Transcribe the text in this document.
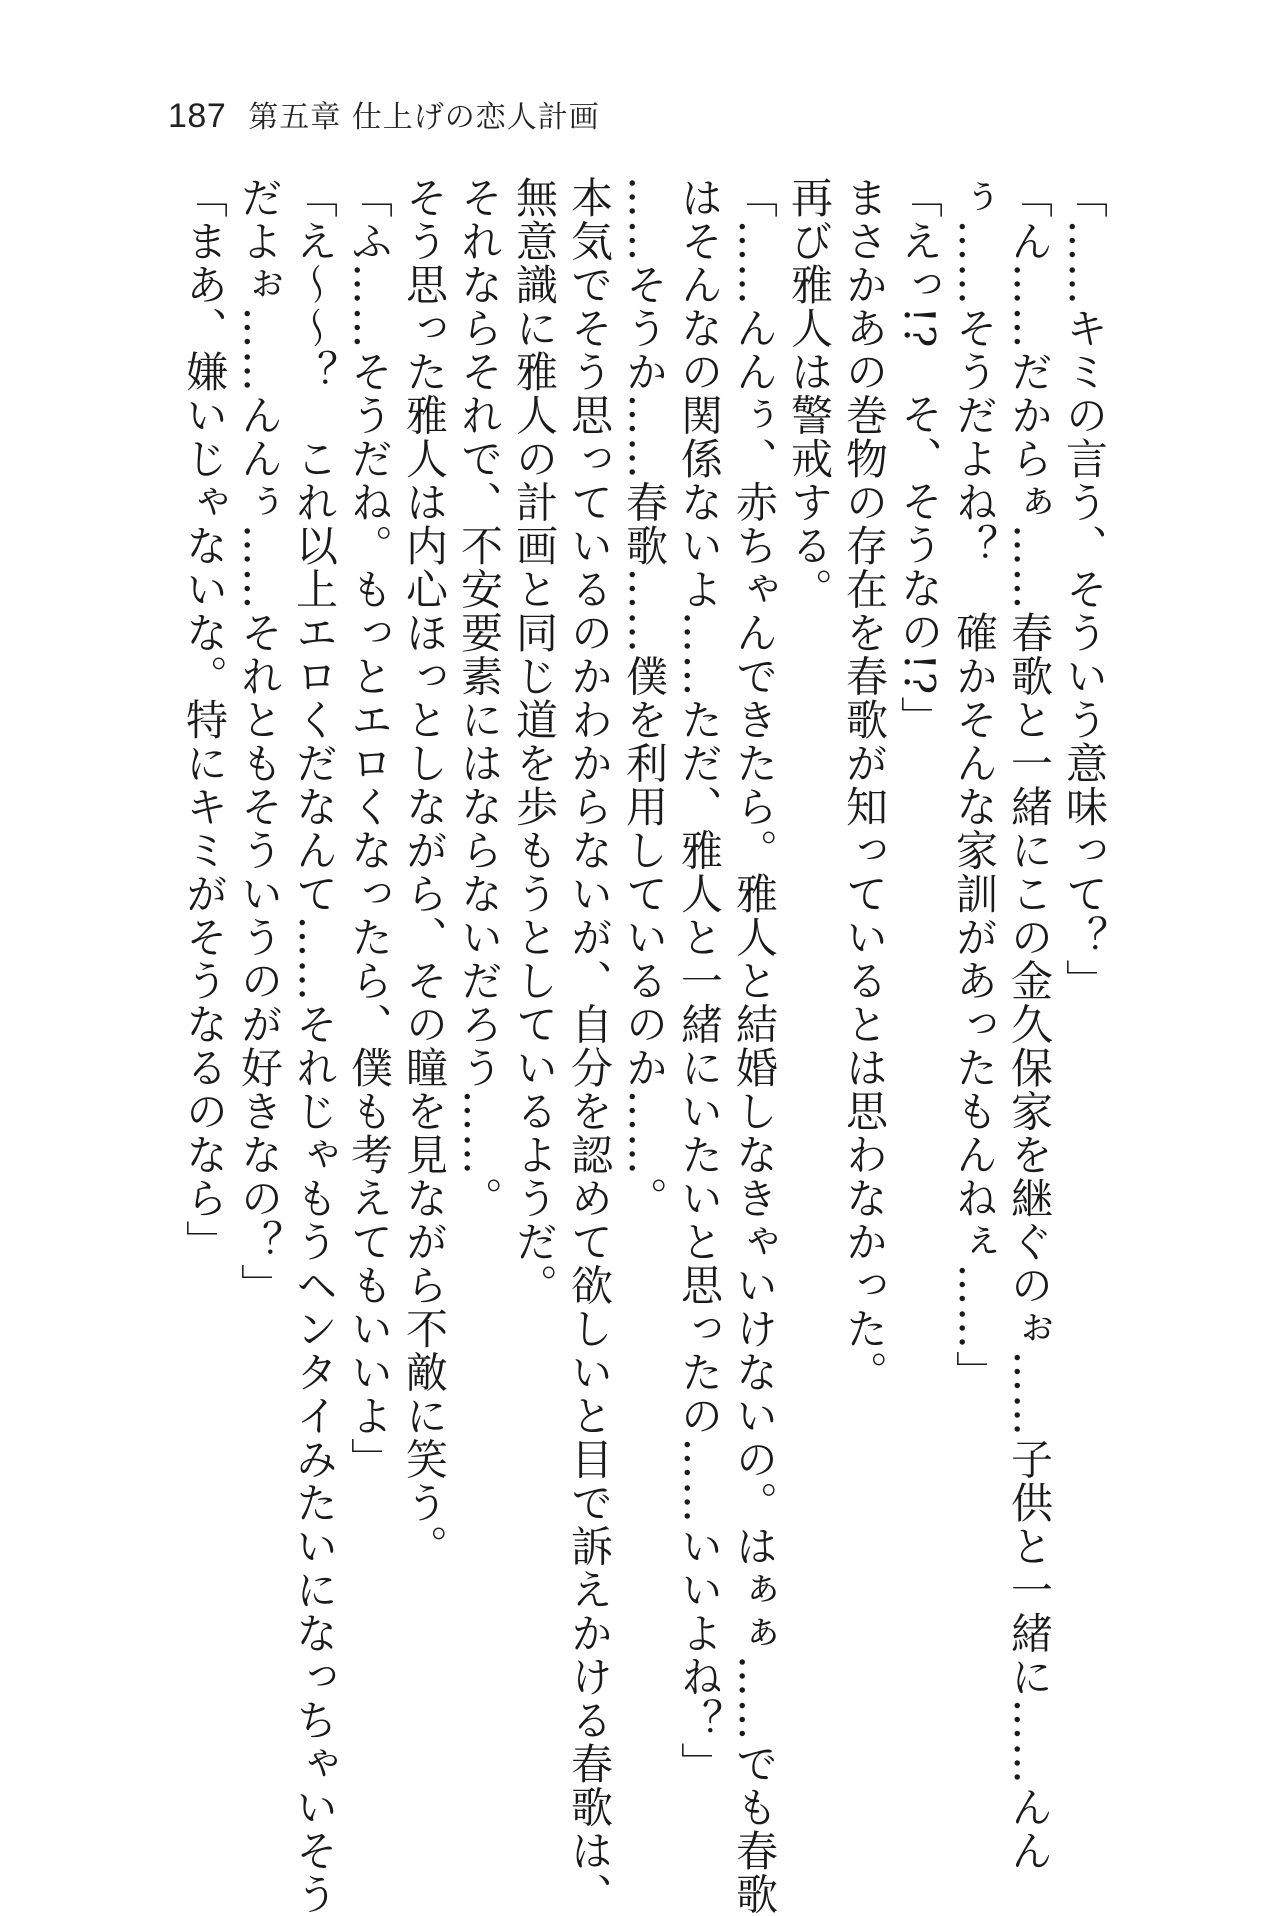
187 第五章 仕上げの恋人計画
「……キミの言う、そういう意味って？」
「ん……だからぁ……春歌と一緒にこの金久保家を継ぐのぉ……子供と一緒に……んん
ぅ……そうだよね？　確かそんな家訓があったもんねぇ……」
「えっ!?　そ、そうなの!?」
まさかあの巻物の存在を春歌が知っているとは思わなかった。
再び雅人は警戒する。
「……んんぅ、赤ちゃんできたら。雅人と結婚しなきゃいけないの。はぁぁ……でも春歌
はそんなの関係ないよ……ただ、雅人と一緒にいたいと思ったの……いいよね？」
……そうか……春歌……僕を利用しているのか……。
本気でそう思っているのかわからないが、自分を認めて欲しいと目で訴えかける春歌は、
無意識に雅人の計画と同じ道を歩もうとしているようだ。
それならそれで、不安要素にはならないだろう……。
そう思った雅人は内心ほっとしながら、その瞳を見ながら不敵に笑う。
「ふ……そうだね。もっとエロくなったら、僕も考えてもいいよ」
「え〜〜？　これ以上エロくだなんて……それじゃもうヘンタイみたいになっちゃいそう
だよぉ……んんぅ……それともそういうのが好きなの？」
「まあ、嫌いじゃないな。特にキミがそうなるのなら」
